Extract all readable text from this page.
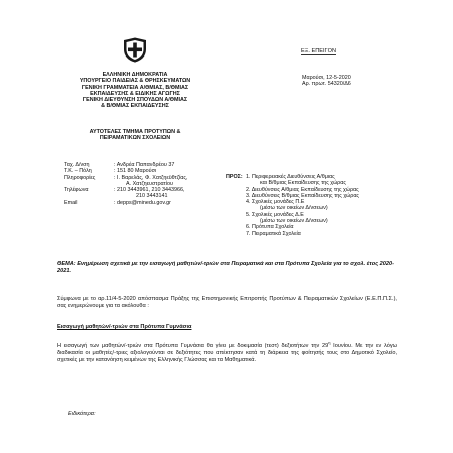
ΕΛΛΗΝΙΚΗ ΔΗΜΟΚΡΑΤΙΑ
ΥΠΟΥΡΓΕΙΟ ΠΑΙΔΕΙΑΣ & ΘΡΗΣΚΕΥΜΑΤΩΝ
ΓΕΝΙΚΗ ΓΡΑΜΜΑΤΕΙΑ Α/ΘΜΙΑΣ, Β/ΘΜΙΑΣ
ΕΚΠΑΙΔΕΥΣΗΣ & ΕΙΔΙΚΗΣ ΑΓΩΓΗΣ
ΓΕΝΙΚΗ ΔΙΕΥΘΥΝΣΗ ΣΠΟΥΔΩΝ Α/ΘΜΙΑΣ
& Β/ΘΜΙΑΣ ΕΚΠΑΙΔΕΥΣΗΣ
ΑΥΤΟΤΕΛΕΣ ΤΜΗΜΑ ΠΡΟΤΥΠΩΝ &
ΠΕΙΡΑΜΑΤΙΚΩΝ ΣΧΟΛΕΙΩΝ
ΕΞ. ΕΠΕΙΓΟΝ
Μαρούσι, 12-5-2020
Αρ. πρωτ. 54320/Δ6
Ταχ. Δ/νση	: Ανδρέα Παπανδρέου 37
Τ.Κ. – Πόλη	: 151 80 Μαρούσι
Πληροφορίες	: Ι. Βαρελάς, Φ. Χατζηεϋθτζίας,
Α. Χατζηευστρατίου
Τηλέφωνα	: 210 3443961, 210 3443966,
210 3443141
Email	: depps@minedu.gov.gr
ΠΡΟΣ: 1. Περιφερειακές Διευθύνσεις Α/θμιας
και Β/θμιας Εκπαίδευσης της χώρας
2. Διευθύνσεις Α/θμιας Εκπαίδευσης της χώρας
3. Διευθύνσεις Β/θμιας Εκπαίδευσης της χώρας
4. Σχολικές μονάδες Π.Ε
(μέσω των οικείων Δ/νσεων)
5. Σχολικές μονάδες Δ.Ε
(μέσω των οικείων Δ/νσεων)
6. Πρότυπα Σχολεία
7. Πειραματικά Σχολεία
ΘΕΜΑ: Ενημέρωση σχετικά με την εισαγωγή μαθητών/-τριών στα Πειραματικά και στα Πρότυπα Σχολεία για το σχολ. έτος 2020-2021.
Σύμφωνα με το αρ.11/4-5-2020 απόσπασμα Πράξης της Επιστημονικής Επιτροπής Προτύπων & Πειραματικών Σχολείων (Ε.Ε.Π.Π.Σ.), σας ενημερώνουμε για τα ακόλουθα :
Εισαγωγή μαθητών/-τριών στα Πρότυπα Γυμνάσια
Η εισαγωγή των μαθητών/-τριών στα Πρότυπα Γυμνάσια θα γίνει με δοκιμασία (τεστ) δεξιοτήτων την $29^\eta$ Ιουνίου. Με την εν λόγω διαδικασία οι μαθητές/-τριες αξιολογούνται σε δεξιότητες που απέκτησαν κατά τη διάρκεια της φοίτησής τους στο Δημοτικό Σχολείο, σχετικές με την κατανόηση κειμένων της Ελληνικής Γλώσσας και τα Μαθηματικά.
Ειδικότερα:
